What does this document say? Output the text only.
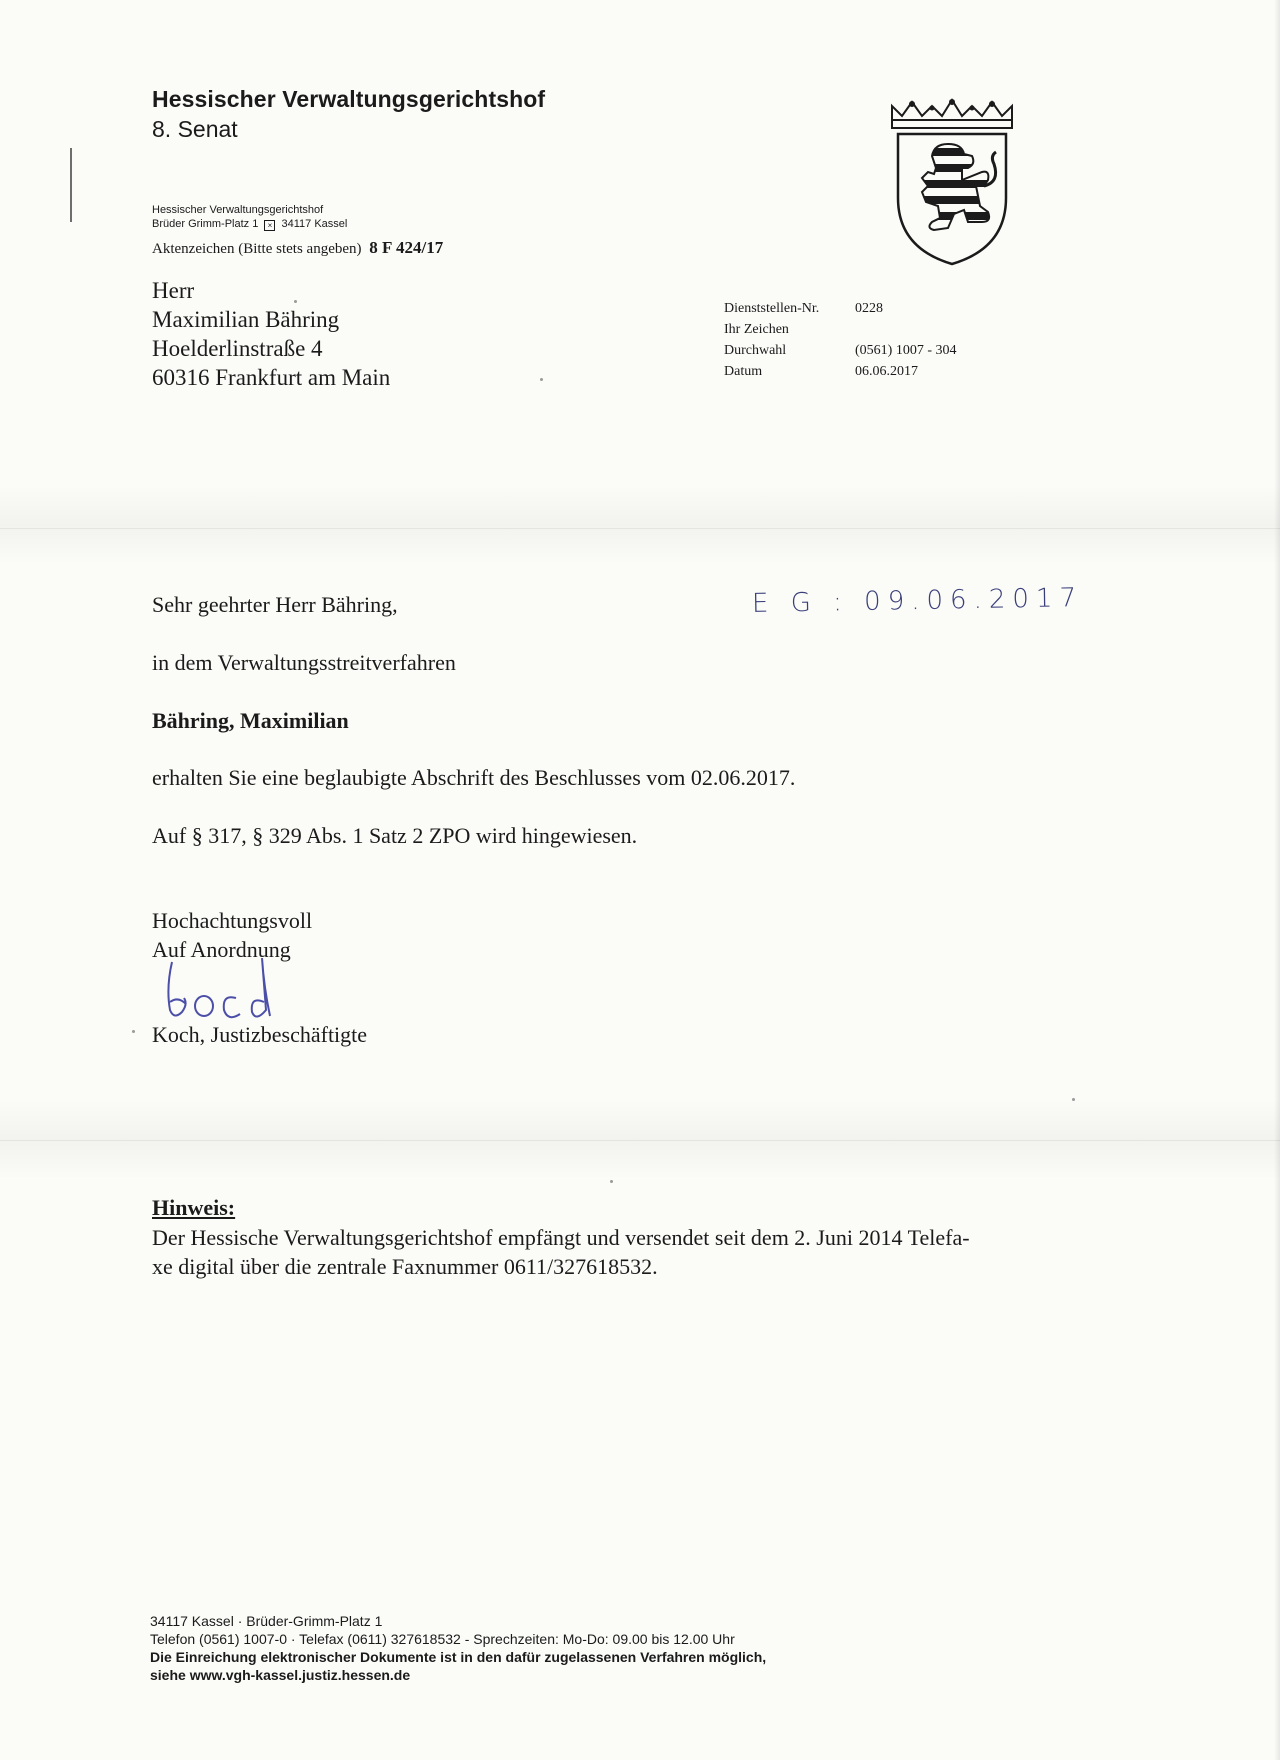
Hessischer Verwaltungsgerichtshof
8. Senat
Hessischer Verwaltungsgerichtshof
Brüder Grimm-Platz 1 × 34117 Kassel
Aktenzeichen (Bitte stets angeben) 8 F 424/17
Herr
Maximilian Bähring
Hoelderlinstraße 4
60316 Frankfurt am Main
Dienststellen-Nr.	0228
Ihr Zeichen
Durchwahl	(0561) 1007 - 304
Datum	06.06.2017
E G : 09.06.2017
Sehr geehrter Herr Bähring,
in dem Verwaltungsstreitverfahren
Bähring, Maximilian
erhalten Sie eine beglaubigte Abschrift des Beschlusses vom 02.06.2017.
Auf § 317, § 329 Abs. 1 Satz 2 ZPO wird hingewiesen.
Hochachtungsvoll
Auf Anordnung
Koch, Justizbeschäftigte
Hinweis:
Der Hessische Verwaltungsgerichtshof empfängt und versendet seit dem 2. Juni 2014 Telefa-
xe digital über die zentrale Faxnummer 0611/327618532.
34117 Kassel · Brüder-Grimm-Platz 1
Telefon (0561) 1007-0 · Telefax (0611) 327618532 - Sprechzeiten: Mo-Do: 09.00 bis 12.00 Uhr
Die Einreichung elektronischer Dokumente ist in den dafür zugelassenen Verfahren möglich,
siehe www.vgh-kassel.justiz.hessen.de
